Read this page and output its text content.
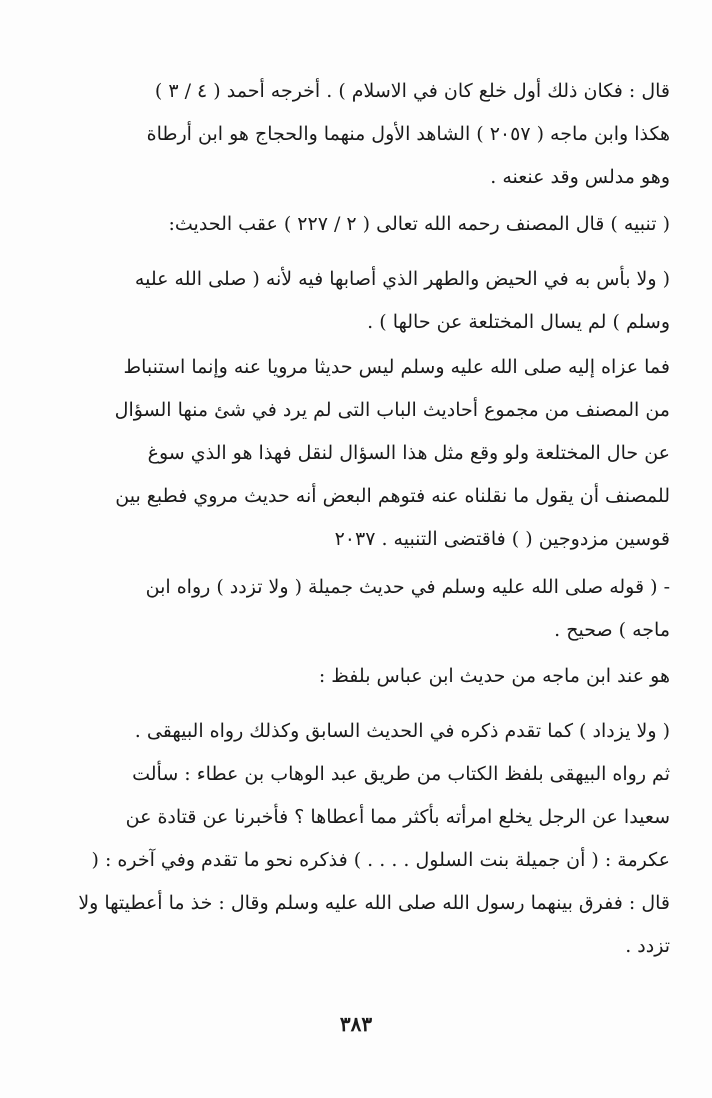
قال : فكان ذلك أول خلع كان في الاسلام ) . أخرجه أحمد ( ٤ / ٣ )
هكذا وابن ماجه ( ٢٠٥٧ ) الشاهد الأول منهما والحجاج هو ابن أرطاة
وهو مدلس وقد عنعنه .
( تنبيه ) قال المصنف رحمه الله تعالى ( ٢ / ٢٢٧ ) عقب الحديث:
( ولا بأس به في الحيض والطهر الذي أصابها فيه لأنه ( صلى الله عليه
وسلم ) لم يسال المختلعة عن حالها ) .
فما عزاه إليه صلى الله عليه وسلم ليس حديثا مرويا عنه وإنما استنباط
من المصنف من مجموع أحاديث الباب التى لم يرد في شئ منها السؤال
عن حال المختلعة ولو وقع مثل هذا السؤال لنقل فهذا هو الذي سوغ
للمصنف أن يقول ما نقلناه عنه فتوهم البعض أنه حديث مروي فطبع بين
قوسين مزدوجين ( ) فاقتضى التنبيه . ٢٠٣٧
- ( قوله صلى الله عليه وسلم في حديث جميلة ( ولا تزدد ) رواه ابن
ماجه ) صحيح .
هو عند ابن ماجه من حديث ابن عباس بلفظ :
( ولا يزداد ) كما تقدم ذكره في الحديث السابق وكذلك رواه البيهقى .
ثم رواه البيهقى بلفظ الكتاب من طريق عبد الوهاب بن عطاء : سألت
سعيدا عن الرجل يخلع امرأته بأكثر مما أعطاها ؟ فأخبرنا عن قتادة عن
عكرمة : ( أن جميلة بنت السلول . . . . ) فذكره نحو ما تقدم وفي آخره : (
قال : ففرق بينهما رسول الله صلى الله عليه وسلم وقال : خذ ما أعطيتها ولا
تزدد .
٣٨٣
